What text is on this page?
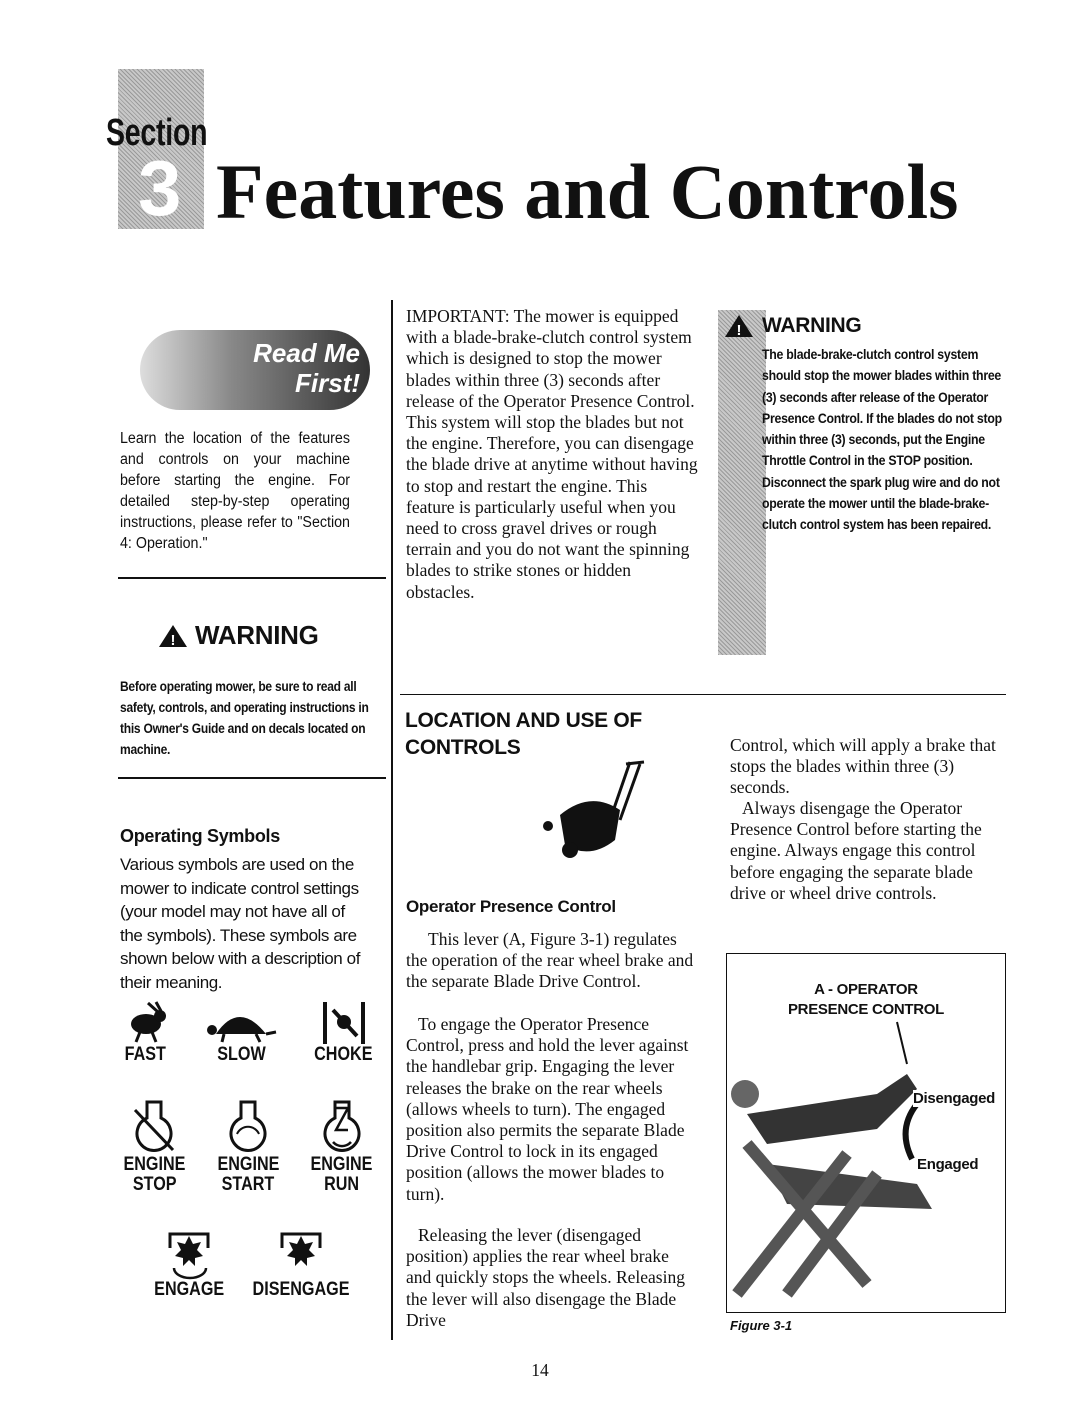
Section
3 Features and Controls
Read Me First!
Learn the location of the features and controls on your machine before starting the engine. For detailed step-by-step operating instructions, please refer to "Section 4: Operation."
! WARNING
Before operating mower, be sure to read all safety, controls, and operating instructions in this Owner's Guide and on decals located on machine.
Operating Symbols
Various symbols are used on the mower to indicate control settings (your model may not have all of the symbols). These symbols are shown below with a description of their meaning.
FAST	SLOW	CHOKE
ENGINE
STOP
ENGINE
START
ENGINE
RUN
ENGAGE DISENGAGE
IMPORTANT: The mower is equipped with a blade-brake-clutch control system which is designed to stop the mower blades within three (3) seconds after release of the Operator Presence Control. This system will stop the blades but not the engine. Therefore, you can disengage the blade drive at anytime without having to stop and restart the engine. This feature is particularly useful when you need to cross gravel drives or rough terrain and you do not want the spinning blades to strike stones or hidden obstacles.
! WARNING
The blade-brake-clutch control system should stop the mower blades within three (3) seconds after release of the Operator Presence Control. If the blades do not stop within three (3) seconds, put the Engine Throttle Control in the STOP position. Disconnect the spark plug wire and do not operate the mower until the blade-brake-clutch control system has been repaired.
LOCATION AND USE OF
CONTROLS
Operator Presence Control
This lever (A, Figure 3-1) regulates the operation of the rear wheel brake and the separate Blade Drive Control.
To engage the Operator Presence Control, press and hold the lever against the handlebar grip. Engaging the lever releases the brake on the rear wheels (allows wheels to turn). The engaged position also permits the separate Blade Drive Control to lock in its engaged position (allows the mower blades to turn).
Releasing the lever (disengaged position) applies the rear wheel brake and quickly stops the wheels. Releasing the lever will also disengage the Blade Drive
Control, which will apply a brake that stops the blades within three (3) seconds.
Always disengage the Operator Presence Control before starting the engine. Always engage this control before engaging the separate blade drive or wheel drive controls.
A - OPERATOR
PRESENCE CONTROL
Disengaged
Engaged
Figure 3-1
14
